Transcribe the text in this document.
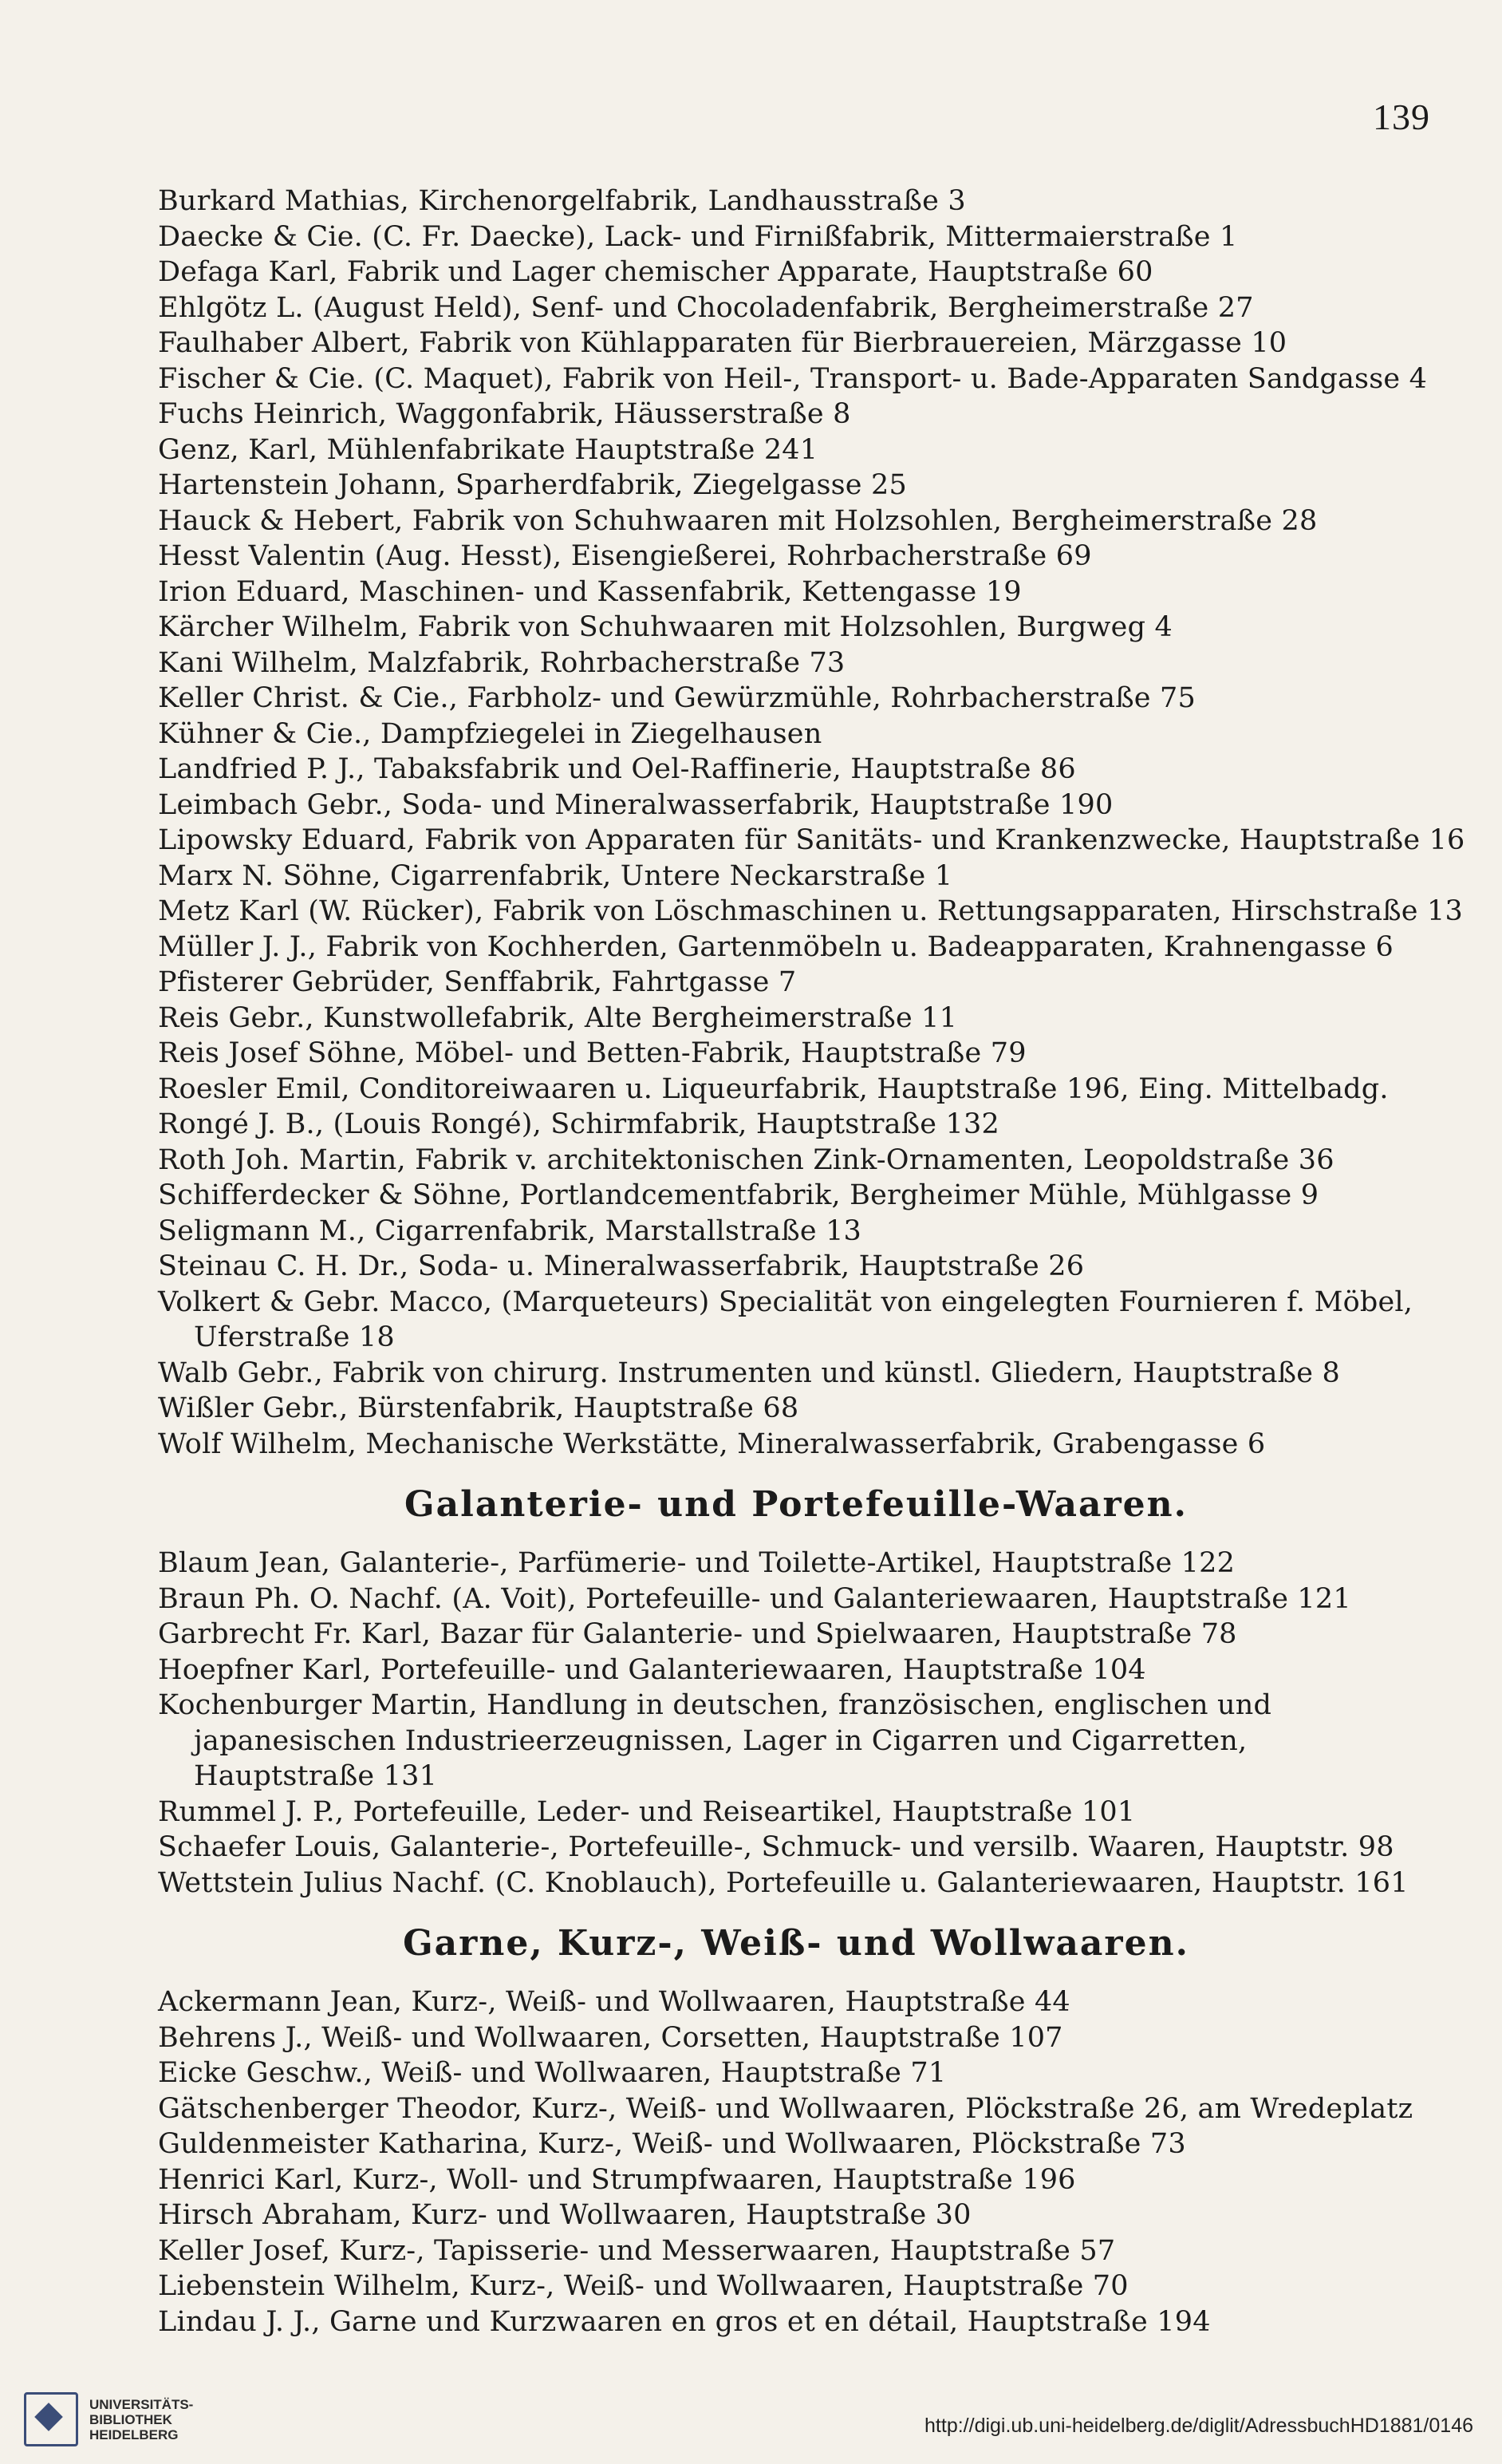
139
Burkard Mathias, Kirchenorgelfabrik, Landhausstraße 3
Daecke & Cie. (C. Fr. Daecke), Lack- und Firnißfabrik, Mittermaierstraße 1
Defaga Karl, Fabrik und Lager chemischer Apparate, Hauptstraße 60
Ehlgötz L. (August Held), Senf- und Chocoladenfabrik, Bergheimerstraße 27
Faulhaber Albert, Fabrik von Kühlapparaten für Bierbrauereien, Märzgasse 10
Fischer & Cie. (C. Maquet), Fabrik von Heil-, Transport- u. Bade-Apparaten Sandgasse 4
Fuchs Heinrich, Waggonfabrik, Häusserstraße 8
Genz, Karl, Mühlenfabrikate Hauptstraße 241
Hartenstein Johann, Sparherdfabrik, Ziegelgasse 25
Hauck & Hebert, Fabrik von Schuhwaaren mit Holzsohlen, Bergheimerstraße 28
Hesst Valentin (Aug. Hesst), Eisengießerei, Rohrbacherstraße 69
Irion Eduard, Maschinen- und Kassenfabrik, Kettengasse 19
Kärcher Wilhelm, Fabrik von Schuhwaaren mit Holzsohlen, Burgweg 4
Kani Wilhelm, Malzfabrik, Rohrbacherstraße 73
Keller Christ. & Cie., Farbholz- und Gewürzmühle, Rohrbacherstraße 75
Kühner & Cie., Dampfziegelei in Ziegelhausen
Landfried P. J., Tabaksfabrik und Oel-Raffinerie, Hauptstraße 86
Leimbach Gebr., Soda- und Mineralwasserfabrik, Hauptstraße 190
Lipowsky Eduard, Fabrik von Apparaten für Sanitäts- und Krankenzwecke, Hauptstraße 16
Marx N. Söhne, Cigarrenfabrik, Untere Neckarstraße 1
Metz Karl (W. Rücker), Fabrik von Löschmaschinen u. Rettungsapparaten, Hirschstraße 13
Müller J. J., Fabrik von Kochherden, Gartenmöbeln u. Badeapparaten, Krahnengasse 6
Pfisterer Gebrüder, Senffabrik, Fahrtgasse 7
Reis Gebr., Kunstwollefabrik, Alte Bergheimerstraße 11
Reis Josef Söhne, Möbel- und Betten-Fabrik, Hauptstraße 79
Roesler Emil, Conditoreiwaaren u. Liqueurfabrik, Hauptstraße 196, Eing. Mittelbadg.
Rongé J. B., (Louis Rongé), Schirmfabrik, Hauptstraße 132
Roth Joh. Martin, Fabrik v. architektonischen Zink-Ornamenten, Leopoldstraße 36
Schifferdecker & Söhne, Portlandcementfabrik, Bergheimer Mühle, Mühlgasse 9
Seligmann M., Cigarrenfabrik, Marstallstraße 13
Steinau C. H. Dr., Soda- u. Mineralwasserfabrik, Hauptstraße 26
Volkert & Gebr. Macco, (Marqueteurs) Specialität von eingelegten Fournieren f. Möbel, Uferstraße 18
Walb Gebr., Fabrik von chirurg. Instrumenten und künstl. Gliedern, Hauptstraße 8
Wißler Gebr., Bürstenfabrik, Hauptstraße 68
Wolf Wilhelm, Mechanische Werkstätte, Mineralwasserfabrik, Grabengasse 6
Galanterie- und Portefeuille-Waaren.
Blaum Jean, Galanterie-, Parfümerie- und Toilette-Artikel, Hauptstraße 122
Braun Ph. O. Nachf. (A. Voit), Portefeuille- und Galanteriewaaren, Hauptstraße 121
Garbrecht Fr. Karl, Bazar für Galanterie- und Spielwaaren, Hauptstraße 78
Hoepfner Karl, Portefeuille- und Galanteriewaaren, Hauptstraße 104
Kochenburger Martin, Handlung in deutschen, französischen, englischen und japanesischen Industrieerzeugnissen, Lager in Cigarren und Cigarretten, Hauptstraße 131
Rummel J. P., Portefeuille, Leder- und Reiseartikel, Hauptstraße 101
Schaefer Louis, Galanterie-, Portefeuille-, Schmuck- und versilb. Waaren, Hauptstr. 98
Wettstein Julius Nachf. (C. Knoblauch), Portefeuille u. Galanteriewaaren, Hauptstr. 161
Garne, Kurz-, Weiß- und Wollwaaren.
Ackermann Jean, Kurz-, Weiß- und Wollwaaren, Hauptstraße 44
Behrens J., Weiß- und Wollwaaren, Corsetten, Hauptstraße 107
Eicke Geschw., Weiß- und Wollwaaren, Hauptstraße 71
Gätschenberger Theodor, Kurz-, Weiß- und Wollwaaren, Plöckstraße 26, am Wredeplatz
Guldenmeister Katharina, Kurz-, Weiß- und Wollwaaren, Plöckstraße 73
Henrici Karl, Kurz-, Woll- und Strumpfwaaren, Hauptstraße 196
Hirsch Abraham, Kurz- und Wollwaaren, Hauptstraße 30
Keller Josef, Kurz-, Tapisserie- und Messerwaaren, Hauptstraße 57
Liebenstein Wilhelm, Kurz-, Weiß- und Wollwaaren, Hauptstraße 70
Lindau J. J., Garne und Kurzwaaren en gros et en détail, Hauptstraße 194
UNIVERSITÄTS-
BIBLIOTHEK
HEIDELBERG	http://digi.ub.uni-heidelberg.de/diglit/AdressbuchHD1881/0146
